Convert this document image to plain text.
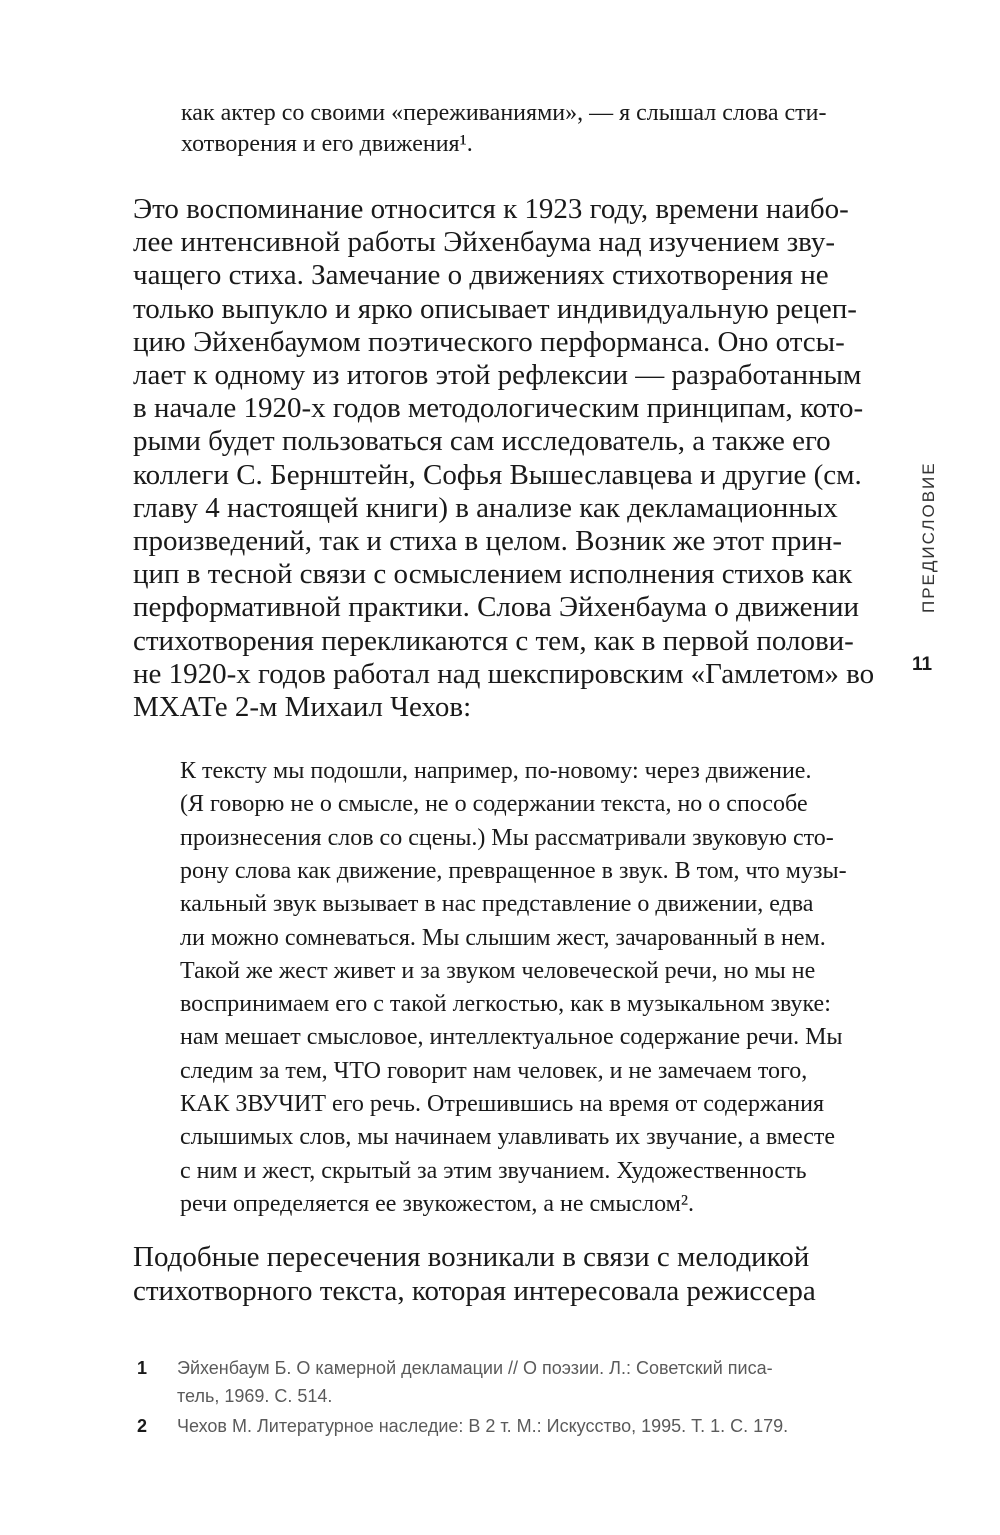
как актер со своими «переживаниями», — я слышал слова сти-
хотворения и его движения¹.
Это воспоминание относится к 1923 году, времени наибо-
лее интенсивной работы Эйхенбаума над изучением зву-
чащего стиха. Замечание о движениях стихотворения не
только выпукло и ярко описывает индивидуальную рецеп-
цию Эйхенбаумом поэтического перформанса. Оно отсы-
лает к одному из итогов этой рефлексии — разработанным
в начале 1920-х годов методологическим принципам, кото-
рыми будет пользоваться сам исследователь, а также его
коллеги С. Бернштейн, Софья Вышеславцева и другие (см.
главу 4 настоящей книги) в анализе как декламационных
произведений, так и стиха в целом. Возник же этот прин-
цип в тесной связи с осмыслением исполнения стихов как
перформативной практики. Слова Эйхенбаума о движении
стихотворения перекликаются с тем, как в первой полови-
не 1920-х годов работал над шекспировским «Гамлетом» во
МХАТе 2-м Михаил Чехов:
К тексту мы подошли, например, по-новому: через движение.
(Я говорю не о смысле, не о содержании текста, но о способе
произнесения слов со сцены.) Мы рассматривали звуковую сто-
рону слова как движение, превращенное в звук. В том, что музы-
кальный звук вызывает в нас представление о движении, едва
ли можно сомневаться. Мы слышим жест, зачарованный в нем.
Такой же жест живет и за звуком человеческой речи, но мы не
воспринимаем его с такой легкостью, как в музыкальном звуке:
нам мешает смысловое, интеллектуальное содержание речи. Мы
следим за тем, ЧТО говорит нам человек, и не замечаем того,
КАК ЗВУЧИТ его речь. Отрешившись на время от содержания
слышимых слов, мы начинаем улавливать их звучание, а вместе
с ним и жест, скрытый за этим звучанием. Художественность
речи определяется ее звукожестом, а не смыслом².
Подобные пересечения возникали в связи с мелодикой
стихотворного текста, которая интересовала режиссера
1 Эйхенбаум Б. О камерной декламации // О поэзии. Л.: Советский писа-
тель, 1969. С. 514.
2 Чехов М. Литературное наследие: В 2 т. М.: Искусство, 1995. Т. 1. С. 179.
ПРЕДИСЛОВИЕ
11
